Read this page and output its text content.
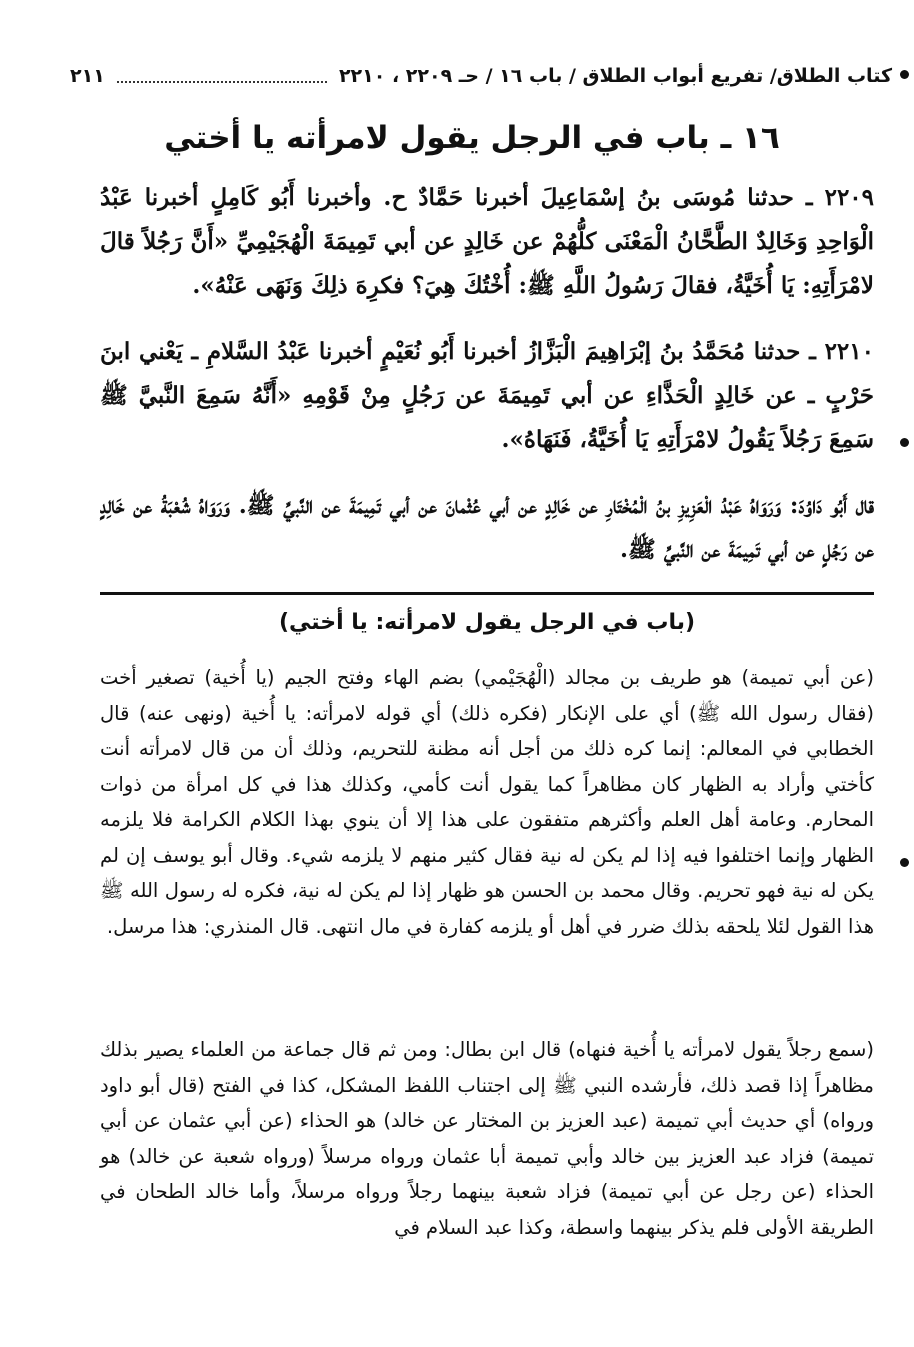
كتاب الطلاق/ تفريع أبواب الطلاق / باب ١٦ / حـ ٢٢٠٩ ، ٢٢١٠
٢١١
١٦ ـ باب في الرجل يقول لامرأته يا أختي
٢٢٠٩ ـ حدثنا مُوسَى بنُ إسْمَاعِيلَ أخبرنا حَمَّادٌ ح. وأخبرنا أَبُو كَامِلٍ أخبرنا عَبْدُ الْوَاحِدِ وَخَالِدٌ الطَّحَّانُ الْمَعْنَى كلُّهُمْ عن خَالِدٍ عن أبي تَمِيمَةَ الْهُجَيْمِيِّ «أَنَّ رَجُلاً قالَ لامْرَأَتِهِ: يَا أُخَيَّةُ، فقالَ رَسُولُ اللَّهِ ﷺ: أُخْتُكَ هِيَ؟ فكرِهَ ذلِكَ وَنَهَى عَنْهُ».
٢٢١٠ ـ حدثنا مُحَمَّدُ بنُ إبْرَاهِيمَ الْبَزَّازُ أخبرنا أَبُو نُعَيْمٍ أخبرنا عَبْدُ السَّلامِ ـ يَعْني ابنَ حَرْبٍ ـ عن خَالِدٍ الْحَذَّاءِ عن أبي تَمِيمَةَ عن رَجُلٍ مِنْ قَوْمِهِ «أَنَّهُ سَمِعَ النَّبيَّ ﷺ سَمِعَ رَجُلاً يَقُولُ لامْرَأَتِهِ يَا أُخَيَّةُ، فَنَهَاهُ».
قال أَبُو دَاوُدَ: وَرَوَاهُ عَبْدُ الْعَزِيزِ بنُ الْمُخْتَارِ عن خَالِدٍ عن أبي عُثْمانَ عن أبي تَمِيمَةَ عن النَّبيِّ ﷺ. وَرَوَاهُ شُعْبَةُ عن خَالِدٍ عن رَجُلٍ عن أبي تَمِيمَةَ عن النَّبيِّ ﷺ.
(باب في الرجل يقول لامرأته: يا أختي)
(عن أبي تميمة) هو طريف بن مجالد (الْهُجَيْمي) بضم الهاء وفتح الجيم (يا أُخية) تصغير أخت (فقال رسول الله ﷺ) أي على الإنكار (فكره ذلك) أي قوله لامرأته: يا أُخية (ونهى عنه) قال الخطابي في المعالم: إنما كره ذلك من أجل أنه مظنة للتحريم، وذلك أن من قال لامرأته أنت كأختي وأراد به الظهار كان مظاهراً كما يقول أنت كأمي، وكذلك هذا في كل امرأة من ذوات المحارم. وعامة أهل العلم وأكثرهم متفقون على هذا إلا أن ينوي بهذا الكلام الكرامة فلا يلزمه الظهار وإنما اختلفوا فيه إذا لم يكن له نية فقال كثير منهم لا يلزمه شيء. وقال أبو يوسف إن لم يكن له نية فهو تحريم. وقال محمد بن الحسن هو ظهار إذا لم يكن له نية، فكره له رسول الله ﷺ هذا القول لئلا يلحقه بذلك ضرر في أهل أو يلزمه كفارة في مال انتهى. قال المنذري: هذا مرسل.
(سمع رجلاً يقول لامرأته يا أُخية فنهاه) قال ابن بطال: ومن ثم قال جماعة من العلماء يصير بذلك مظاهراً إذا قصد ذلك، فأرشده النبي ﷺ إلى اجتناب اللفظ المشكل، كذا في الفتح (قال أبو داود ورواه) أي حديث أبي تميمة (عبد العزيز بن المختار عن خالد) هو الحذاء (عن أبي عثمان عن أبي تميمة) فزاد عبد العزيز بين خالد وأبي تميمة أبا عثمان ورواه مرسلاً (ورواه شعبة عن خالد) هو الحذاء (عن رجل عن أبي تميمة) فزاد شعبة بينهما رجلاً ورواه مرسلاً، وأما خالد الطحان في الطريقة الأولى فلم يذكر بينهما واسطة، وكذا عبد السلام في
